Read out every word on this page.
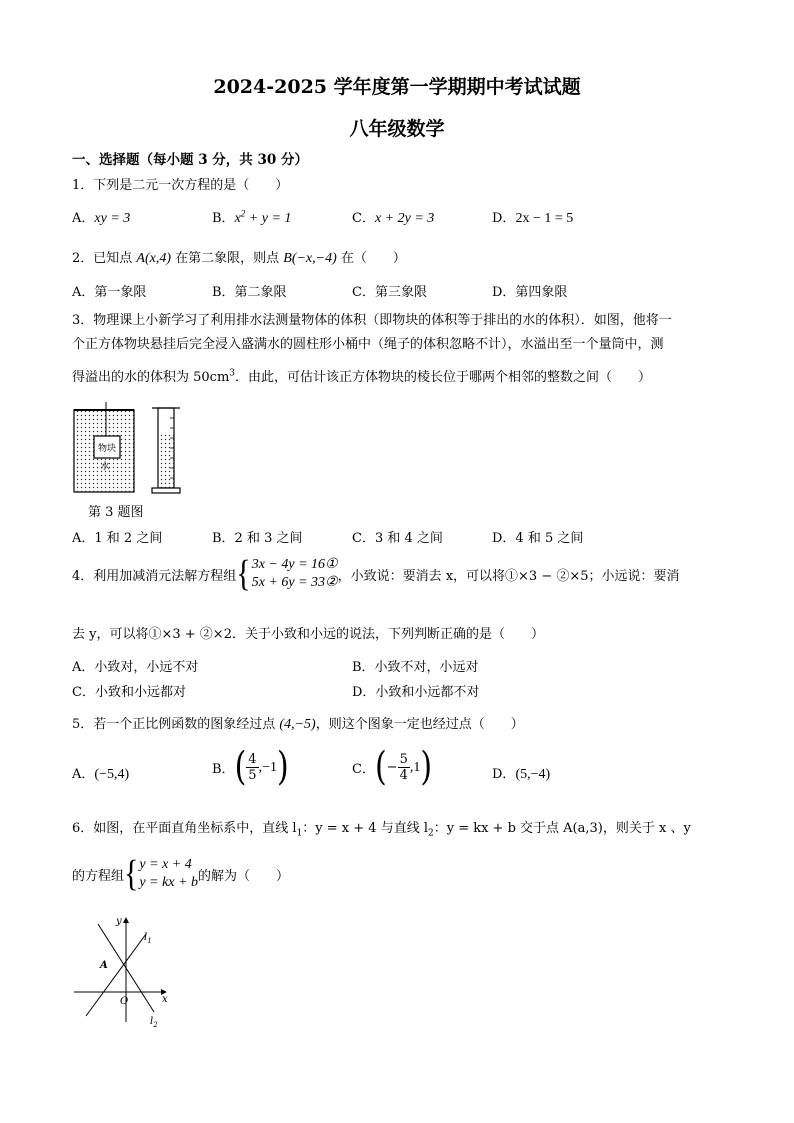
2024-2025 学年度第一学期期中考试试题
八年级数学
一、选择题（每小题 3 分，共 30 分）
1．下列是二元一次方程的是（　　）
A．xy = 3	B．$x^2 + y = 1$	C．x + 2y = 3	D．2x − 1 = 5
2．已知点 A(x,4) 在第二象限，则点 B(−x,−4) 在（　　）
A．第一象限	B．第二象限	C．第三象限	D．第四象限
3．物理课上小新学习了利用排水法测量物体的体积（即物块的体积等于排出的水的体积）．如图，他将一
个正方体物块悬挂后完全浸入盛满水的圆柱形小桶中（绳子的体积忽略不计），水溢出至一个量筒中，测
得溢出的水的体积为 $50cm^3$．由此，可估计该正方体物块的棱长位于哪两个相邻的整数之间（　　）
物块
水
第 3 题图
A．1 和 2 之间	B．2 和 3 之间	C．3 和 4 之间	D．4 和 5 之间
4．利用加减消元法解方程组 { 3x − 4y = 16①
5x + 6y = 33② ，小致说：要消去 x，可以将①×3 − ②×5；小远说：要消
去 y，可以将①×3 + ②×2．关于小致和小远的说法，下列判断正确的是（　　）
A．小致对，小远不对	B．小致不对，小远对
C．小致和小远都对	D．小致和小远都不对
5．若一个正比例函数的图象经过点 (4,−5)，则这个图象一定也经过点（　　）
A．(−5,4)	B． ( $\frac{4}{5} ,-1$ )	C． ( − $\frac{5}{4} ,1$ )	D．(5,−4)
6．如图，在平面直角坐标系中，直线 $l_1$：y = x + 4 与直线 $l_2$：y = kx + b 交于点 A(a,3)，则关于 x 、y
的方程组 { y = x + 4
y = kx + b 的解为（　　）
y
x
O
$l_1$
$l_2$
A
